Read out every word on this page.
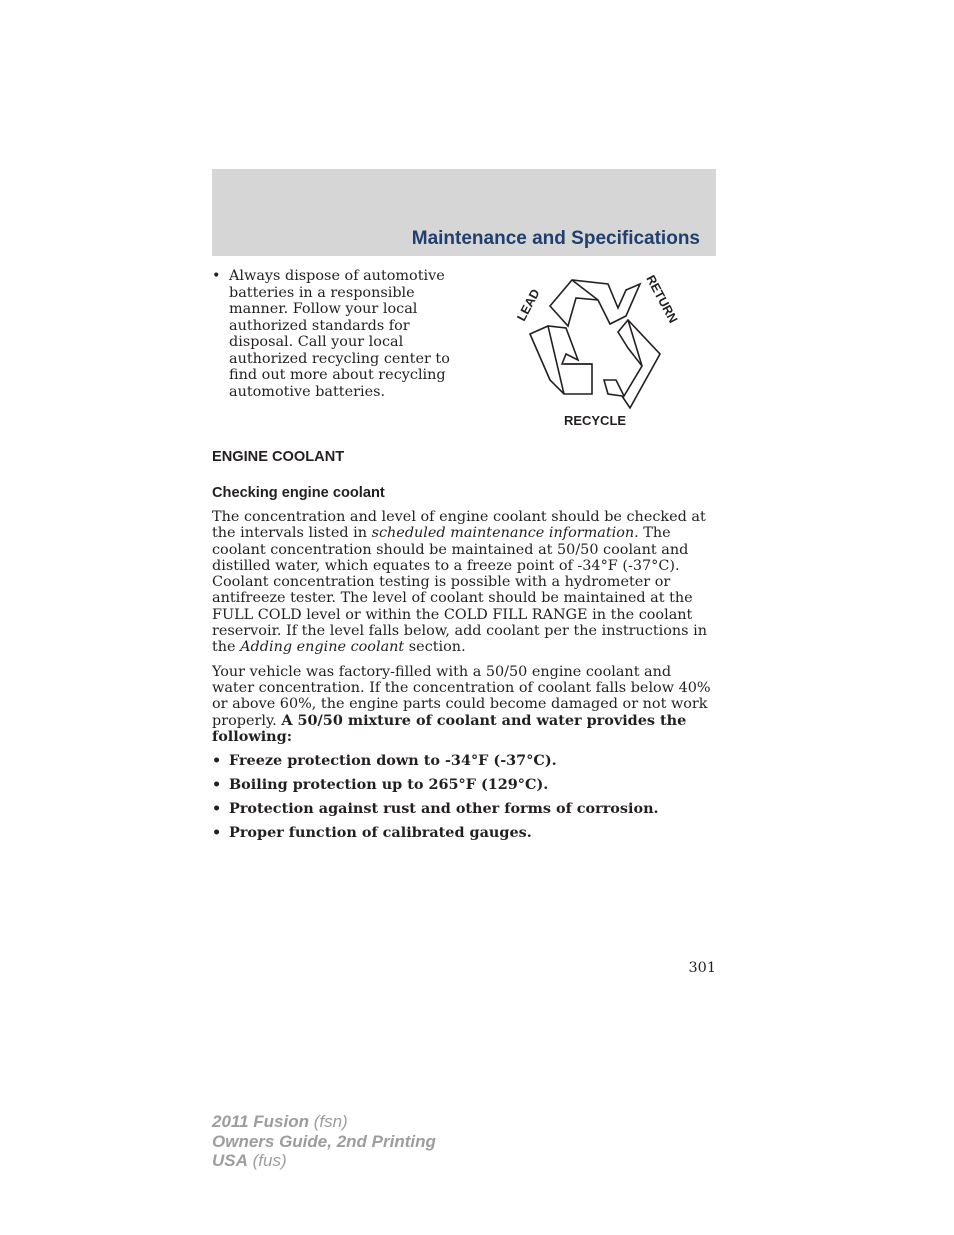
Maintenance and Specifications
• Always dispose of automotive batteries in a responsible manner. Follow your local authorized standards for disposal. Call your local authorized recycling center to find out more about recycling automotive batteries.
LEAD	RETURN
RECYCLE
ENGINE COOLANT
Checking engine coolant

The concentration and level of engine coolant should be checked at the intervals listed in scheduled maintenance information. The coolant concentration should be maintained at 50/50 coolant and distilled water, which equates to a freeze point of -34°F (-37°C). Coolant concentration testing is possible with a hydrometer or antifreeze tester. The level of coolant should be maintained at the FULL COLD level or within the COLD FILL RANGE in the coolant reservoir. If the level falls below, add coolant per the instructions in the Adding engine coolant section.

Your vehicle was factory-filled with a 50/50 engine coolant and water concentration. If the concentration of coolant falls below 40% or above 60%, the engine parts could become damaged or not work properly. A 50/50 mixture of coolant and water provides the following:

• Freeze protection down to -34°F (-37°C).
• Boiling protection up to 265°F (129°C).
• Protection against rust and other forms of corrosion.
• Proper function of calibrated gauges.
301
2011 Fusion (fsn)
Owners Guide, 2nd Printing
USA (fus)
